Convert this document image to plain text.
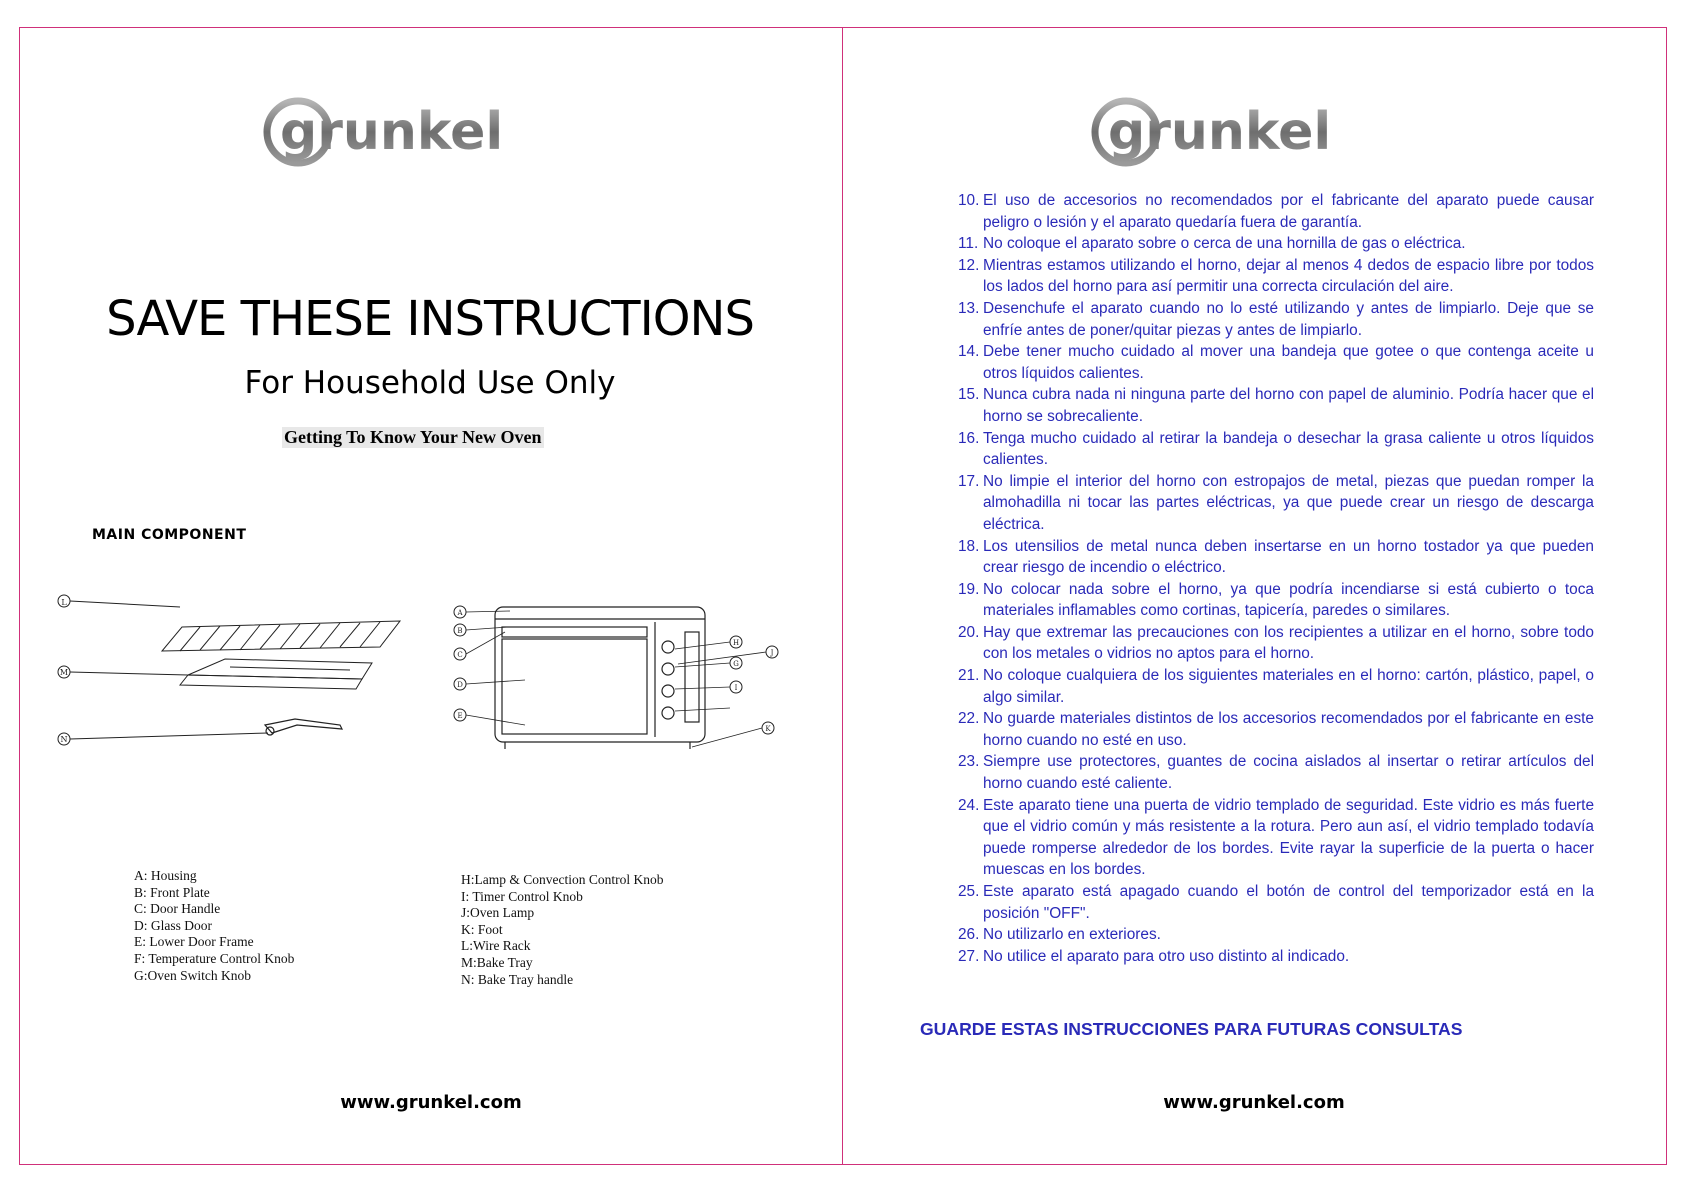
grunkel
SAVE THESE INSTRUCTIONS
For Household Use Only
Getting To Know Your New Oven
MAIN COMPONENT
L
M
N
A
B
C
D
E
H
G
J
I
K
A: Housing
B: Front Plate
C: Door Handle
D: Glass Door
E: Lower Door Frame
F: Temperature Control Knob
G:Oven Switch Knob
H:Lamp & Convection Control Knob
I: Timer Control Knob
J:Oven Lamp
K: Foot
L:Wire Rack
M:Bake Tray
N: Bake Tray handle
www.grunkel.com
grunkel
10. El uso de accesorios no recomendados por el fabricante del aparato puede causar peligro o lesión y el aparato quedaría fuera de garantía.
11. No coloque el aparato sobre o cerca de una hornilla de gas o eléctrica.
12. Mientras estamos utilizando el horno, dejar al menos 4 dedos de espacio libre por todos los lados del horno para así permitir una correcta circulación del aire.
13. Desenchufe el aparato cuando no lo esté utilizando y antes de limpiarlo. Deje que se enfríe antes de poner/quitar piezas y antes de limpiarlo.
14. Debe tener mucho cuidado al mover una bandeja que gotee o que contenga aceite u otros líquidos calientes.
15. Nunca cubra nada ni ninguna parte del horno con papel de aluminio. Podría hacer que el horno se sobrecaliente.
16. Tenga mucho cuidado al retirar la bandeja o desechar la grasa caliente u otros líquidos calientes.
17. No limpie el interior del horno con estropajos de metal, piezas que puedan romper la almohadilla ni tocar las partes eléctricas, ya que puede crear un riesgo de descarga eléctrica.
18. Los utensilios de metal nunca deben insertarse en un horno tostador ya que pueden crear riesgo de incendio o eléctrico.
19. No colocar nada sobre el horno, ya que podría incendiarse si está cubierto o toca materiales inflamables como cortinas, tapicería, paredes o similares.
20. Hay que extremar las precauciones con los recipientes a utilizar en el horno, sobre todo con los metales o vidrios no aptos para el horno.
21. No coloque cualquiera de los siguientes materiales en el horno: cartón, plástico, papel, o algo similar.
22. No guarde materiales distintos de los accesorios recomendados por el fabricante en este horno cuando no esté en uso.
23. Siempre use protectores, guantes de cocina aislados al insertar o retirar artículos del horno cuando esté caliente.
24. Este aparato tiene una puerta de vidrio templado de seguridad. Este vidrio es más fuerte que el vidrio común y más resistente a la rotura. Pero aun así, el vidrio templado todavía puede romperse alrededor de los bordes. Evite rayar la superficie de la puerta o hacer muescas en los bordes.
25. Este aparato está apagado cuando el botón de control del temporizador está en la posición "OFF".
26. No utilizarlo en exteriores.
27. No utilice el aparato para otro uso distinto al indicado.
GUARDE ESTAS INSTRUCCIONES PARA FUTURAS CONSULTAS
www.grunkel.com
